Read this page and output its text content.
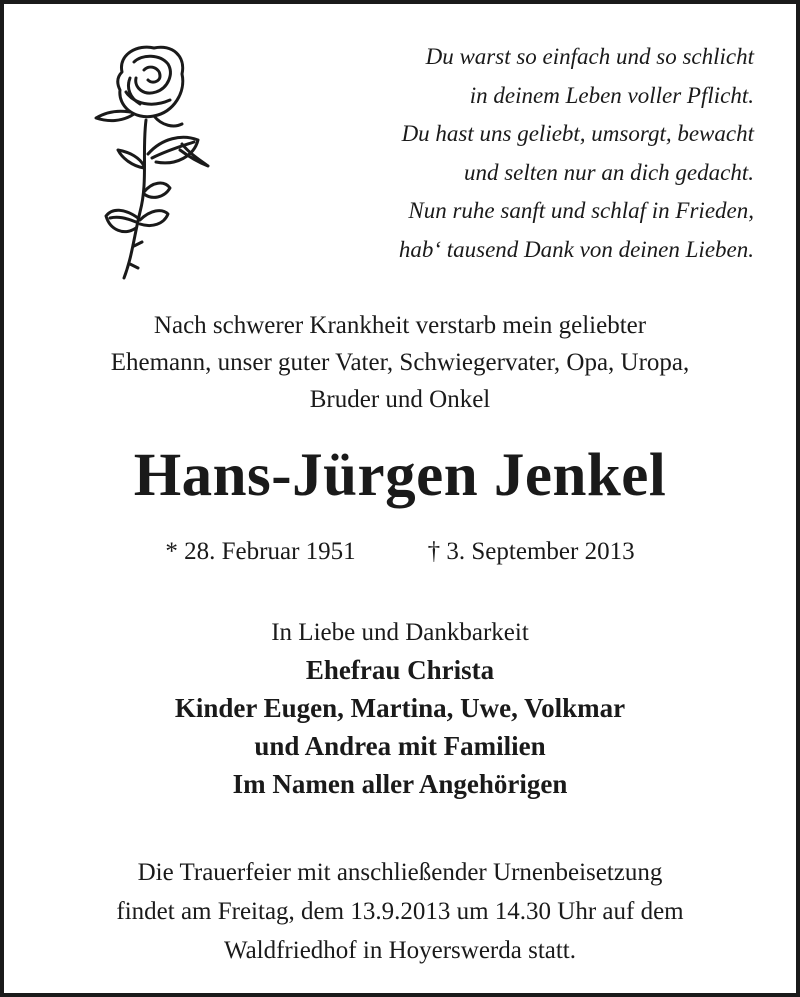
Du warst so einfach und so schlicht
in deinem Leben voller Pflicht.
Du hast uns geliebt, umsorgt, bewacht
und selten nur an dich gedacht.
Nun ruhe sanft und schlaf in Frieden,
hab‘ tausend Dank von deinen Lieben.
Nach schwerer Krankheit verstarb mein geliebter
Ehemann, unser guter Vater, Schwiegervater, Opa, Uropa,
Bruder und Onkel
Hans-Jürgen Jenkel
* 28. Februar 1951	† 3. September 2013
In Liebe und Dankbarkeit
Ehefrau Christa
Kinder Eugen, Martina, Uwe, Volkmar
und Andrea mit Familien
Im Namen aller Angehörigen
Die Trauerfeier mit anschließender Urnenbeisetzung
findet am Freitag, dem 13.9.2013 um 14.30 Uhr auf dem
Waldfriedhof in Hoyerswerda statt.
